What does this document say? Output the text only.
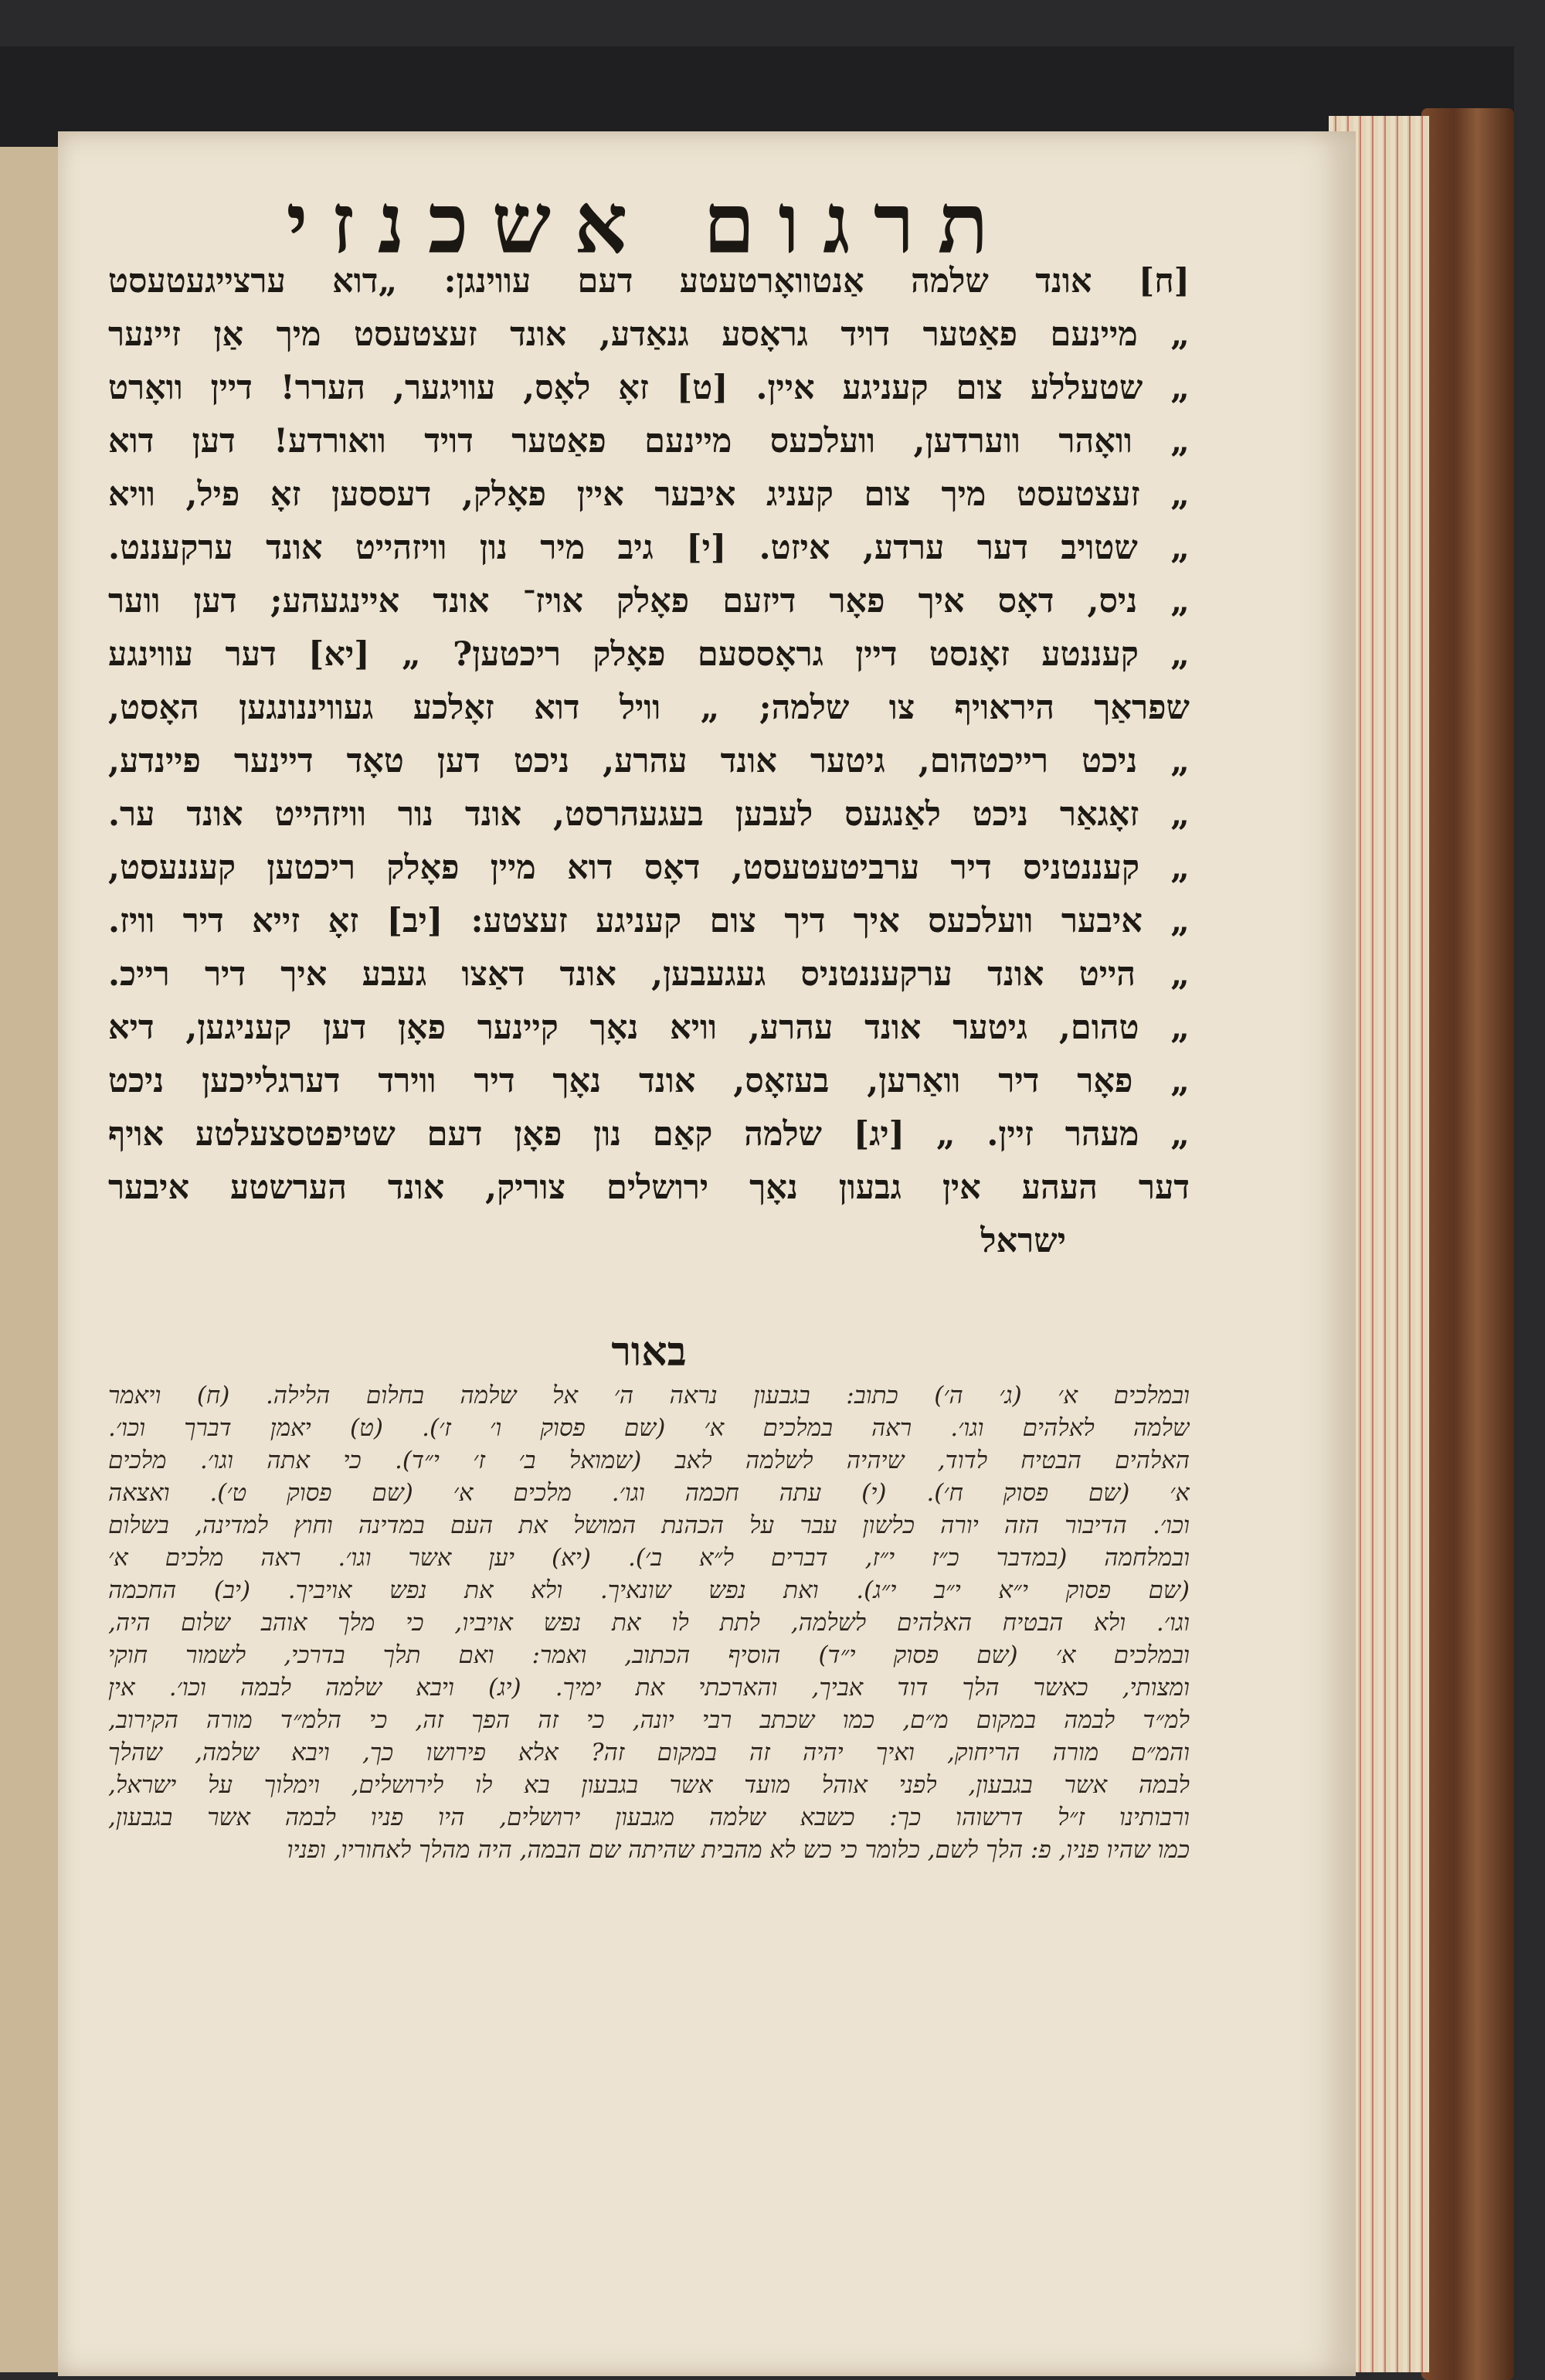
תרגום אשכנזי
[ח] אונד שלמה אַנטוואָרטעטע דעם עווינגן: „דוא ערצייגעטעסט
„ מיינעם פאַטער דויד גראָסע גנאַדע, אונד זעצטעסט מיך אַן זיינער
„ שטעללע צום קעניגע איין. [ט] זאָ לאָס, עוויגער, הערר! דיין וואָרט
„ וואָהר ווערדען, וועלכעס מיינעם פאַטער דויד וואורדע! דען דוא
„ זעצטעסט מיך צום קעניג איבער איין פאָלק, דעססען זאָ פיל, וויא
„ שטויב דער ערדע, איזט. [י] גיב מיר נון וויזהייט אונד ערקעננט.
„ ניס, דאָס איך פאָר דיזעם פאָלק אויז־ אונד איינגעהע; דען ווער
„ קעננטע זאָנסט דיין גראָססעם פאָלק ריכטען? „ [יא] דער עווינגע
שפראַך היראויף צו שלמה; „ וויל דוא זאָלכע געוויננונגען האָסט,
„ ניכט רייכטהום, גיטער אונד עהרע, ניכט דען טאָד דיינער פיינדע,
„ זאָגאַר ניכט לאַנגעס לעבען בעגעהרסט, אונד נור וויזהייט אונד ער.
„ קעננטניס דיר ערביטעטעסט, דאָס דוא מיין פאָלק ריכטען קעננעסט,
„ איבער וועלכעס איך דיך צום קעניגע זעצטע: [יב] זאָ זייא דיר וויז.
„ הייט אונד ערקעננטניס געגעבען, אונד דאַצו געבע איך דיר רייכ.
„ טהום, גיטער אונד עהרע, וויא נאָך קיינער פאָן דען קעניגען, דיא
„ פאָר דיר וואַרען, בעזאָס, אונד נאָך דיר ווירד דערגלייכען ניכט
„ מעהר זיין. „ [יג] שלמה קאַם נון פאָן דעם שטיפטסצעלטע אויף
דער העהע אין גבעון נאָך ירושלים צוריק, אונד הערשטע איבער
ישראל
באור
ובמלכים א׳ (ג׳ ה׳) כתוב: בגבעון נראה ה׳ אל שלמה בחלום הלילה. (ח) ויאמר
שלמה לאלהים וגו׳. ראה במלכים א׳ (שם פסוק ו׳ ז׳). (ט) יאמן דברך וכו׳.
האלהים הבטיח לדוד, שיהיה לשלמה לאב (שמואל ב׳ ז׳ י״ד). כי אתה וגו׳. מלכים
א׳ (שם פסוק ח׳). (י) עתה חכמה וגו׳. מלכים א׳ (שם פסוק ט׳). ואצאה
וכו׳. הדיבור הזה יורה כלשון עבר על הכהנת המושל את העם במדינה וחוץ למדינה, בשלום
ובמלחמה (במדבר כ״ז י״ז, דברים ל״א ב׳). (יא) יען אשר וגו׳. ראה מלכים א׳
(שם פסוק י״א י״ב י״ג). ואת נפש שונאיך. ולא את נפש אויביך. (יב) החכמה
וגו׳. ולא הבטיח האלהים לשלמה, לתת לו את נפש אויביו, כי מלך אוהב שלום היה,
ובמלכים א׳ (שם פסוק י״ד) הוסיף הכתוב, ואמר: ואם תלך בדרכי, לשמור חוקי
ומצותי, כאשר הלך דוד אביך, והארכתי את ימיך. (יג) ויבא שלמה לבמה וכו׳. אין
למ״ד לבמה במקום מ״ם, כמו שכתב רבי יונה, כי זה הפך זה, כי הלמ״ד מורה הקירוב,
והמ״ם מורה הריחוק, ואיך יהיה זה במקום זה? אלא פירושו כך, ויבא שלמה, שהלך
לבמה אשר בגבעון, לפני אוהל מועד אשר בגבעון בא לו לירושלים, וימלוך על ישראל,
ורבותינו ז״ל דרשוהו כך: כשבא שלמה מגבעון ירושלים, היו פניו לבמה אשר בגבעון,
כמו שהיו פניו, פ: הלך לשם, כלומר כי כש לא מהבית שהיתה שם הבמה, היה מהלך לאחוריו, ופניו
